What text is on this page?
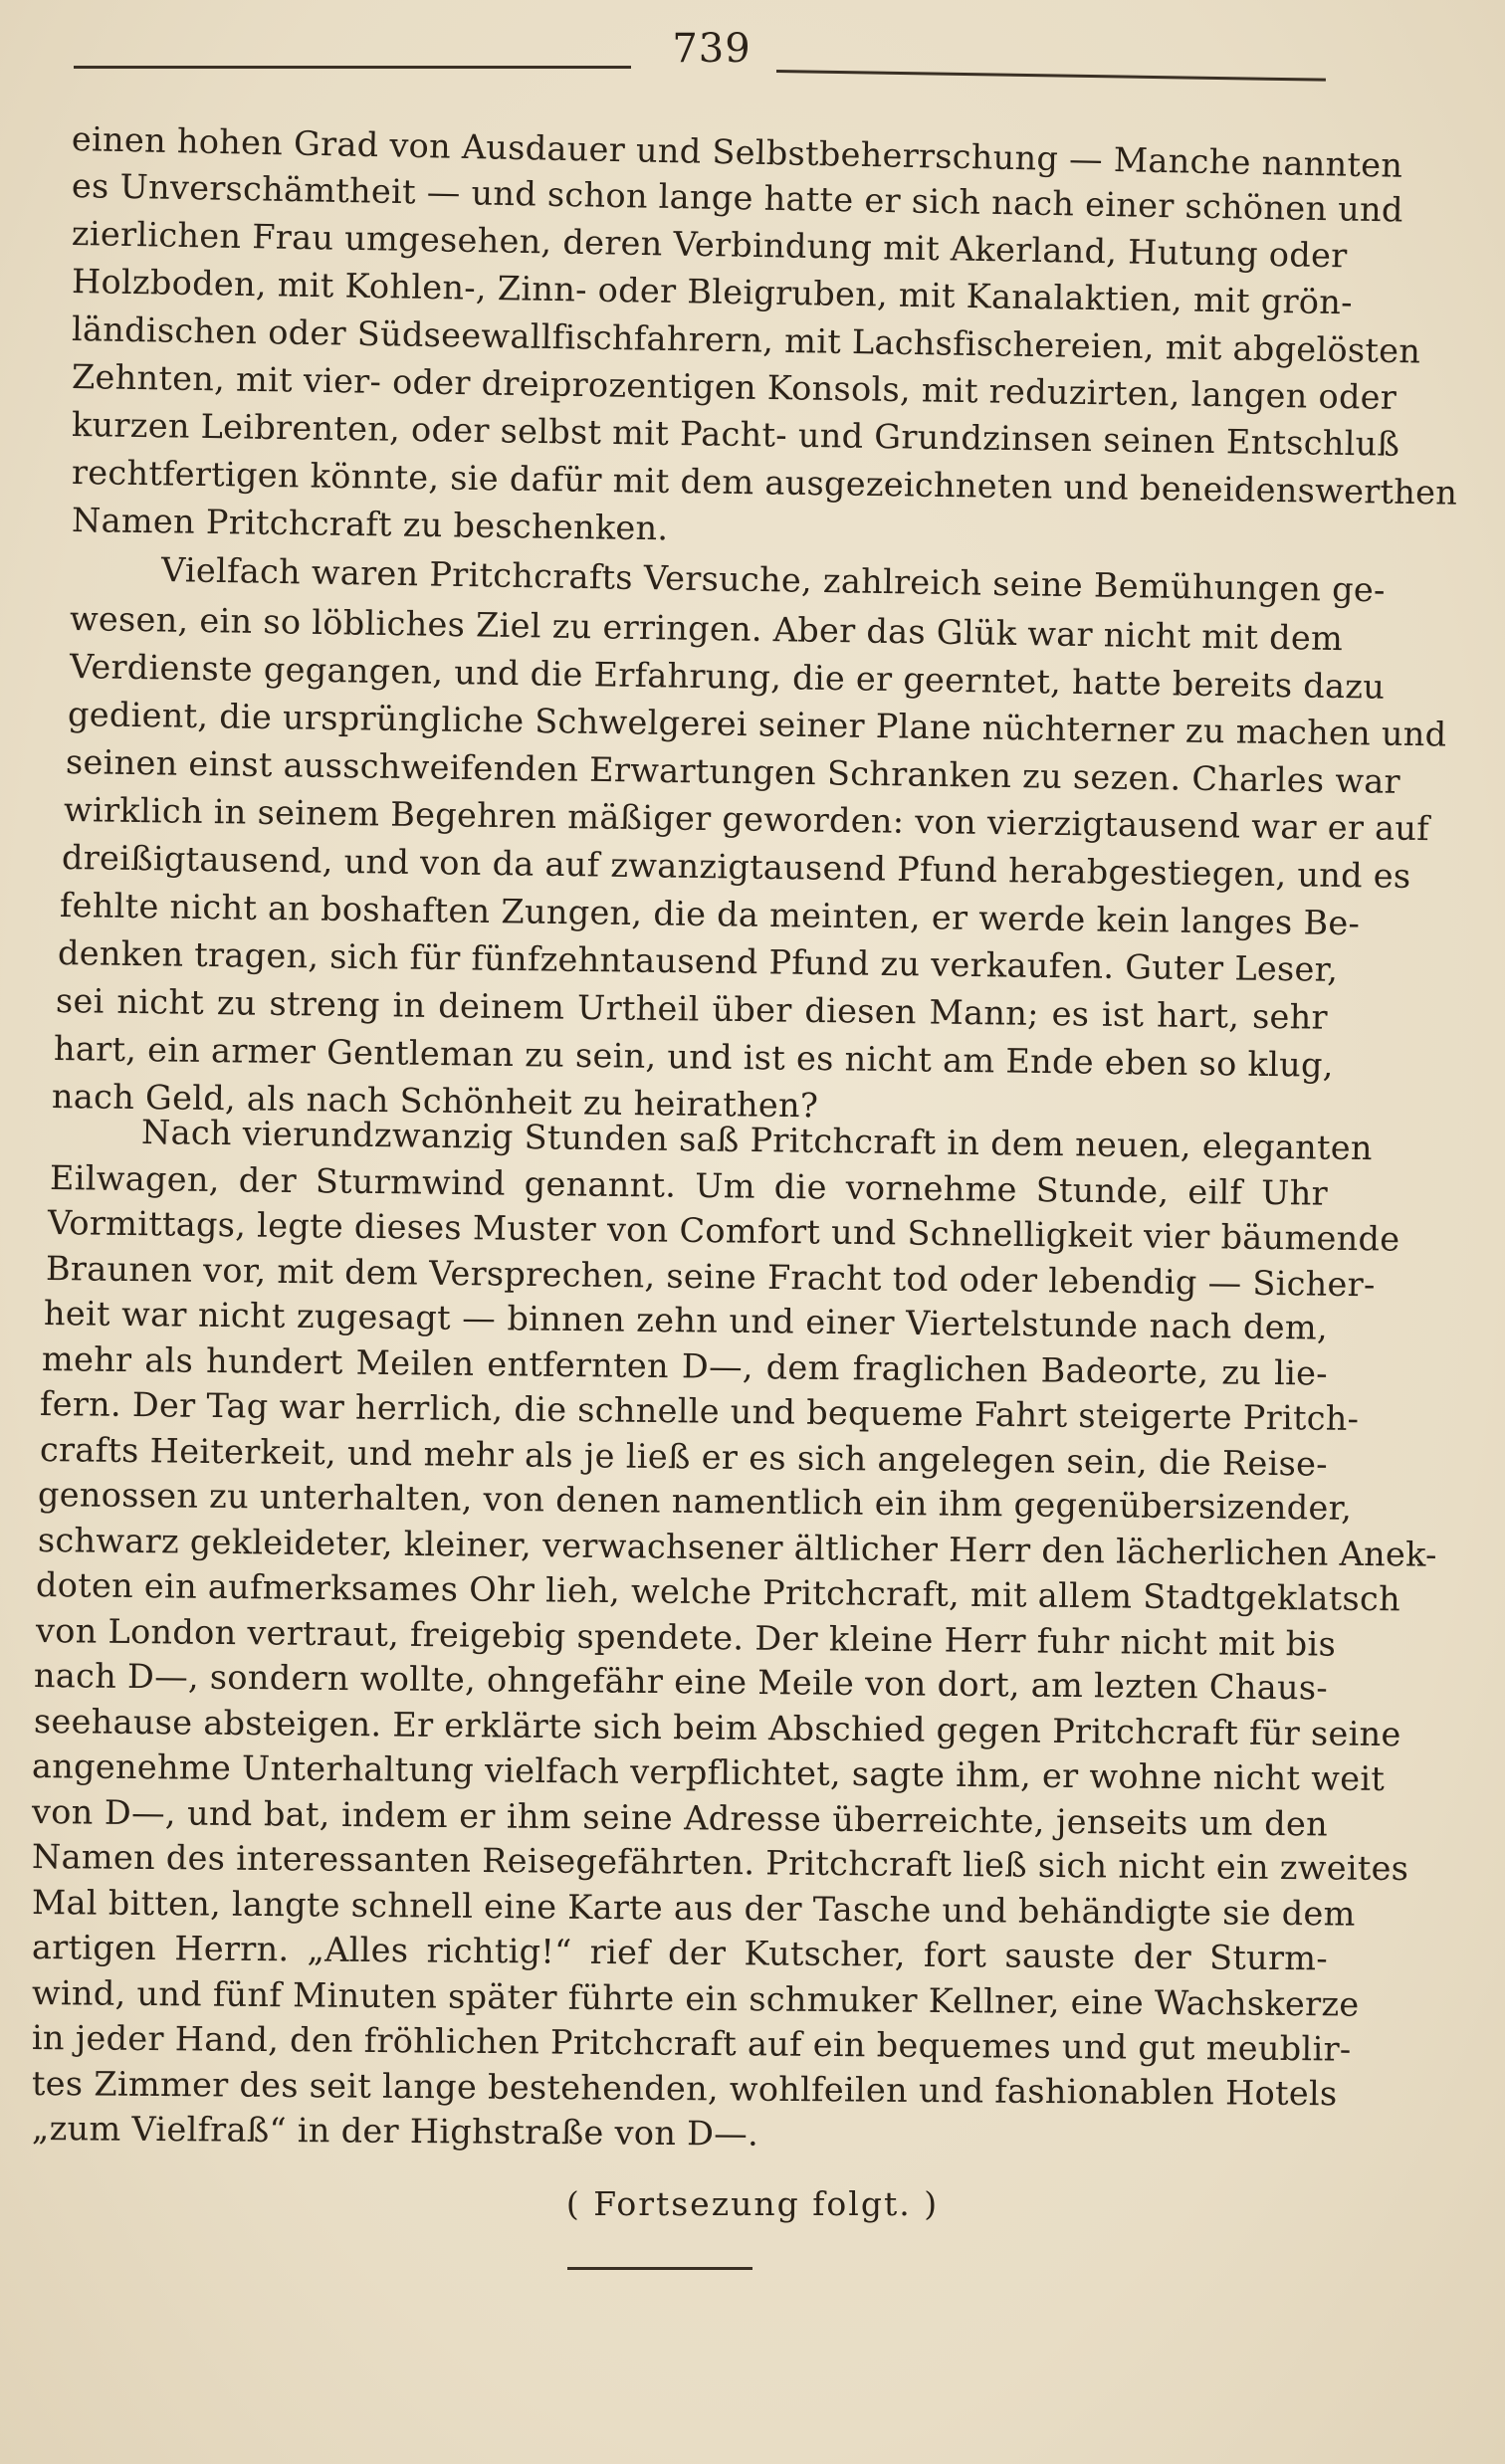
739
einen hohen Grad von Ausdauer und Selbstbeherrschung — Manche nannten
es Unverschämtheit — und schon lange hatte er sich nach einer schönen und
zierlichen Frau umgesehen, deren Verbindung mit Akerland, Hutung oder
Holzboden, mit Kohlen-, Zinn- oder Bleigruben, mit Kanalaktien, mit grön-
ländischen oder Südseewallfischfahrern, mit Lachsfischereien, mit abgelösten
Zehnten, mit vier- oder dreiprozentigen Konsols, mit reduzirten, langen oder
kurzen Leibrenten, oder selbst mit Pacht- und Grundzinsen seinen Entschluß
rechtfertigen könnte, sie dafür mit dem ausgezeichneten und beneidenswerthen
Namen Pritchcraft zu beschenken.
Vielfach waren Pritchcrafts Versuche, zahlreich seine Bemühungen ge-
wesen, ein so löbliches Ziel zu erringen. Aber das Glük war nicht mit dem
Verdienste gegangen, und die Erfahrung, die er geerntet, hatte bereits dazu
gedient, die ursprüngliche Schwelgerei seiner Plane nüchterner zu machen und
seinen einst ausschweifenden Erwartungen Schranken zu sezen. Charles war
wirklich in seinem Begehren mäßiger geworden: von vierzigtausend war er auf
dreißigtausend, und von da auf zwanzigtausend Pfund herabgestiegen, und es
fehlte nicht an boshaften Zungen, die da meinten, er werde kein langes Be-
denken tragen, sich für fünfzehntausend Pfund zu verkaufen. Guter Leser,
sei nicht zu streng in deinem Urtheil über diesen Mann; es ist hart, sehr
hart, ein armer Gentleman zu sein, und ist es nicht am Ende eben so klug,
nach Geld, als nach Schönheit zu heirathen?
Nach vierundzwanzig Stunden saß Pritchcraft in dem neuen, eleganten
Eilwagen, der Sturmwind genannt. Um die vornehme Stunde, eilf Uhr
Vormittags, legte dieses Muster von Comfort und Schnelligkeit vier bäumende
Braunen vor, mit dem Versprechen, seine Fracht tod oder lebendig — Sicher-
heit war nicht zugesagt — binnen zehn und einer Viertelstunde nach dem,
mehr als hundert Meilen entfernten D—, dem fraglichen Badeorte, zu lie-
fern. Der Tag war herrlich, die schnelle und bequeme Fahrt steigerte Pritch-
crafts Heiterkeit, und mehr als je ließ er es sich angelegen sein, die Reise-
genossen zu unterhalten, von denen namentlich ein ihm gegenübersizender,
schwarz gekleideter, kleiner, verwachsener ältlicher Herr den lächerlichen Anek-
doten ein aufmerksames Ohr lieh, welche Pritchcraft, mit allem Stadtgeklatsch
von London vertraut, freigebig spendete. Der kleine Herr fuhr nicht mit bis
nach D—, sondern wollte, ohngefähr eine Meile von dort, am lezten Chaus-
seehause absteigen. Er erklärte sich beim Abschied gegen Pritchcraft für seine
angenehme Unterhaltung vielfach verpflichtet, sagte ihm, er wohne nicht weit
von D—, und bat, indem er ihm seine Adresse überreichte, jenseits um den
Namen des interessanten Reisegefährten. Pritchcraft ließ sich nicht ein zweites
Mal bitten, langte schnell eine Karte aus der Tasche und behändigte sie dem
artigen Herrn. „Alles richtig!“ rief der Kutscher, fort sauste der Sturm-
wind, und fünf Minuten später führte ein schmuker Kellner, eine Wachskerze
in jeder Hand, den fröhlichen Pritchcraft auf ein bequemes und gut meublir-
tes Zimmer des seit lange bestehenden, wohlfeilen und fashionablen Hotels
„zum Vielfraß“ in der Highstraße von D—.
( Fortsezung folgt. )
